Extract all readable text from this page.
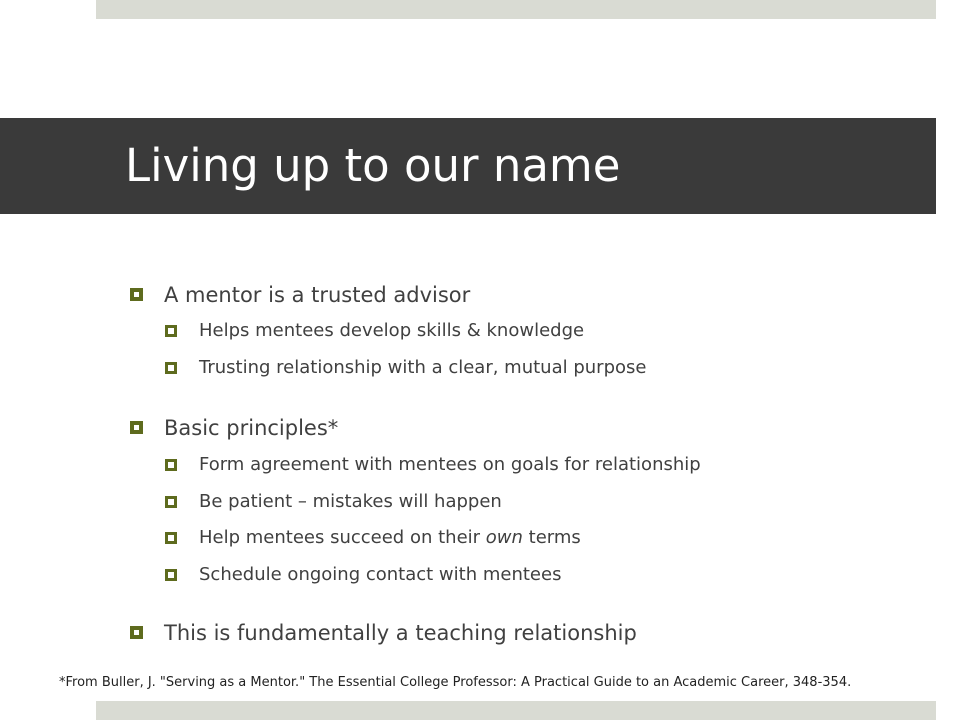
Living up to our name
A mentor is a trusted advisor
Helps mentees develop skills & knowledge
Trusting relationship with a clear, mutual purpose
Basic principles*
Form agreement with mentees on goals for relationship
Be patient – mistakes will happen
Help mentees succeed on their own terms
Schedule ongoing contact with mentees
This is fundamentally a teaching relationship
*From Buller, J. "Serving as a Mentor." The Essential College Professor: A Practical Guide to an Academic Career, 348-354.
